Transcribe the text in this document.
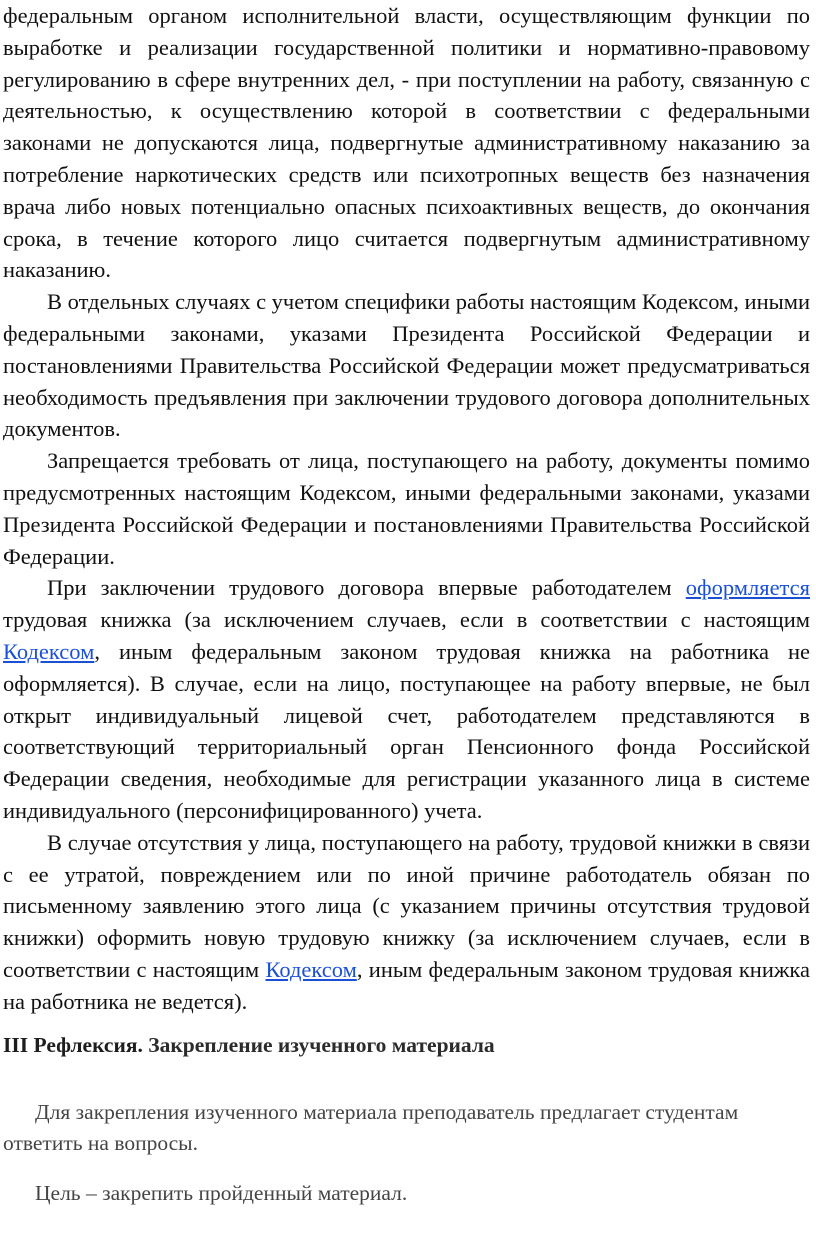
федеральным органом исполнительной власти, осуществляющим функции по выработке и реализации государственной политики и нормативно-правовому регулированию в сфере внутренних дел, - при поступлении на работу, связанную с деятельностью, к осуществлению которой в соответствии с федеральными законами не допускаются лица, подвергнутые административному наказанию за потребление наркотических средств или психотропных веществ без назначения врача либо новых потенциально опасных психоактивных веществ, до окончания срока, в течение которого лицо считается подвергнутым административному наказанию.

В отдельных случаях с учетом специфики работы настоящим Кодексом, иными федеральными законами, указами Президента Российской Федерации и постановлениями Правительства Российской Федерации может предусматриваться необходимость предъявления при заключении трудового договора дополнительных документов.

Запрещается требовать от лица, поступающего на работу, документы помимо предусмотренных настоящим Кодексом, иными федеральными законами, указами Президента Российской Федерации и постановлениями Правительства Российской Федерации.

При заключении трудового договора впервые работодателем оформляется трудовая книжка (за исключением случаев, если в соответствии с настоящим Кодексом, иным федеральным законом трудовая книжка на работника не оформляется). В случае, если на лицо, поступающее на работу впервые, не был открыт индивидуальный лицевой счет, работодателем представляются в соответствующий территориальный орган Пенсионного фонда Российской Федерации сведения, необходимые для регистрации указанного лица в системе индивидуального (персонифицированного) учета.

В случае отсутствия у лица, поступающего на работу, трудовой книжки в связи с ее утратой, повреждением или по иной причине работодатель обязан по письменному заявлению этого лица (с указанием причины отсутствия трудовой книжки) оформить новую трудовую книжку (за исключением случаев, если в соответствии с настоящим Кодексом, иным федеральным законом трудовая книжка на работника не ведется).

III Рефлексия. Закрепление изученного материала

Для закрепления изученного материала преподаватель предлагает студентам ответить на вопросы.

Цель – закрепить пройденный материал.
